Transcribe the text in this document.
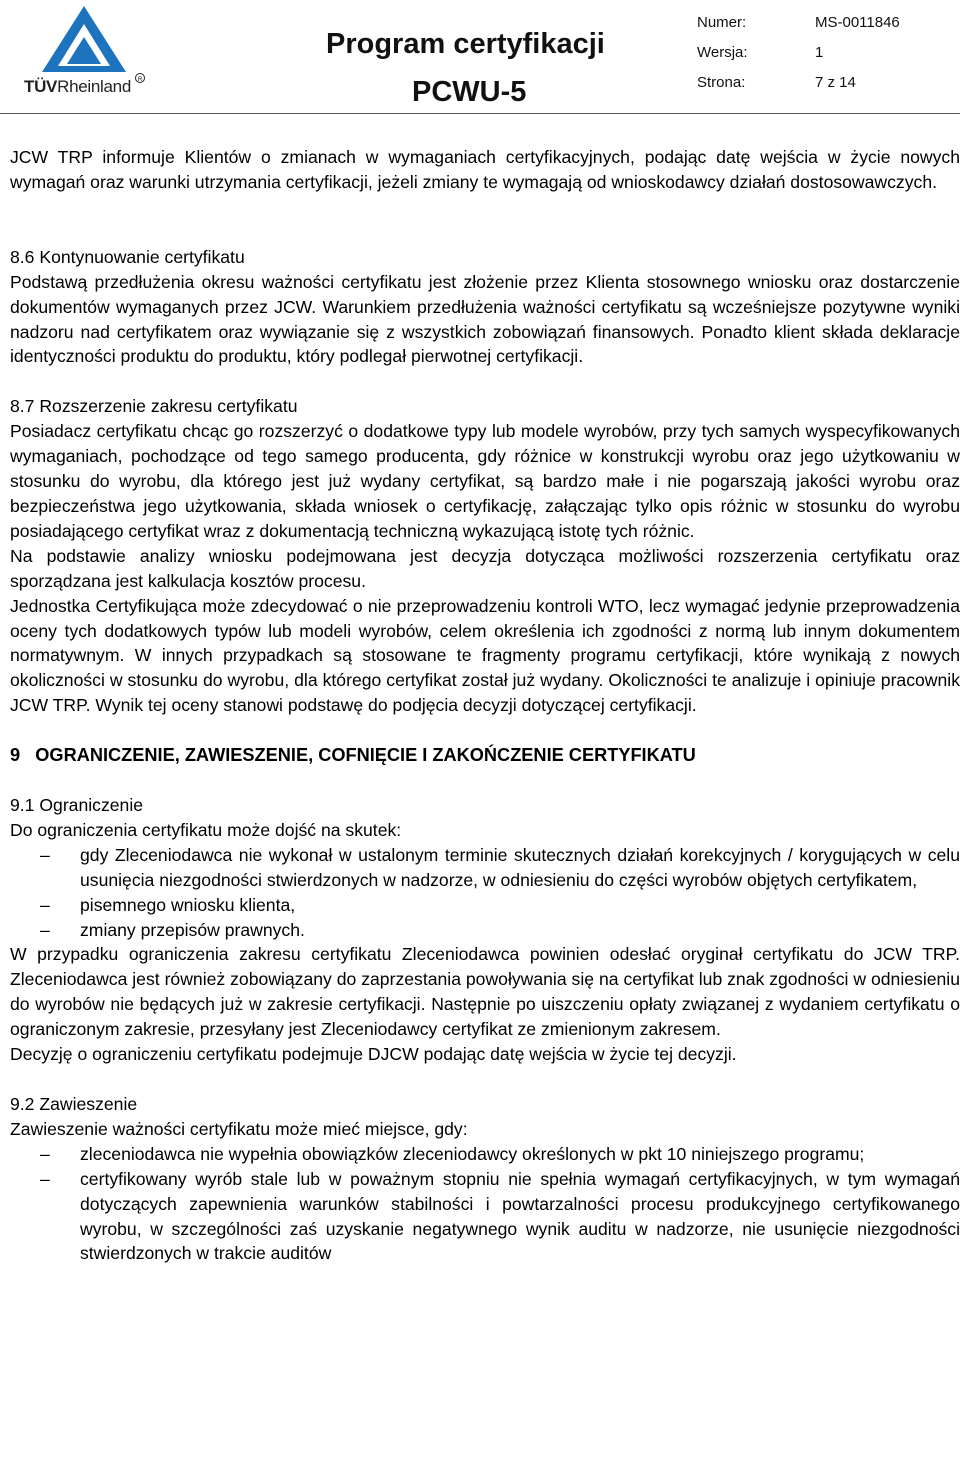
R
TÜVRheinland
Program certyfikacji
PCWU-5
Numer:	MS-0011846
Wersja:	1
Strona:	7 z 14

JCW TRP informuje Klientów o zmianach w wymaganiach certyfikacyjnych, podając datę wejścia w życie nowych wymagań oraz warunki utrzymania certyfikacji, jeżeli zmiany te wymagają od wnioskodawcy działań dostosowawczych.

8.6 Kontynuowanie certyfikatu

Podstawą przedłużenia okresu ważności certyfikatu jest złożenie przez Klienta stosownego wniosku oraz dostarczenie dokumentów wymaganych przez JCW. Warunkiem przedłużenia ważności certyfikatu są wcześniejsze pozytywne wyniki nadzoru nad certyfikatem oraz wywiązanie się z wszystkich zobowiązań finansowych. Ponadto klient składa deklaracje identyczności produktu do produktu, który podlegał pierwotnej certyfikacji.

8.7 Rozszerzenie zakresu certyfikatu

Posiadacz certyfikatu chcąc go rozszerzyć o dodatkowe typy lub modele wyrobów, przy tych samych wyspecyfikowanych wymaganiach, pochodzące od tego samego producenta, gdy różnice w konstrukcji wyrobu oraz jego użytkowaniu w stosunku do wyrobu, dla którego jest już wydany certyfikat, są bardzo małe i nie pogarszają jakości wyrobu oraz bezpieczeństwa jego użytkowania, składa wniosek o certyfikację, załączając tylko opis różnic w stosunku do wyrobu posiadającego certyfikat wraz z dokumentacją techniczną wykazującą istotę tych różnic.

Na podstawie analizy wniosku podejmowana jest decyzja dotycząca możliwości rozszerzenia certyfikatu oraz sporządzana jest kalkulacja kosztów procesu.

Jednostka Certyfikująca może zdecydować o nie przeprowadzeniu kontroli WTO, lecz wymagać jedynie przeprowadzenia oceny tych dodatkowych typów lub modeli wyrobów, celem określenia ich zgodności z normą lub innym dokumentem normatywnym. W innych przypadkach są stosowane te fragmenty programu certyfikacji, które wynikają z nowych okoliczności w stosunku do wyrobu, dla którego certyfikat został już wydany. Okoliczności te analizuje i opiniuje pracownik JCW TRP. Wynik tej oceny stanowi podstawę do podjęcia decyzji dotyczącej certyfikacji.

9   OGRANICZENIE, ZAWIESZENIE, COFNIĘCIE I ZAKOŃCZENIE CERTYFIKATU

9.1 Ograniczenie

Do ograniczenia certyfikatu może dojść na skutek:

– gdy Zleceniodawca nie wykonał w ustalonym terminie skutecznych działań korekcyjnych / korygujących w celu usunięcia niezgodności stwierdzonych w nadzorze, w odniesieniu do części wyrobów objętych certyfikatem,
– pisemnego wniosku klienta,
– zmiany przepisów prawnych.

W przypadku ograniczenia zakresu certyfikatu Zleceniodawca powinien odesłać oryginał certyfikatu do JCW TRP. Zleceniodawca jest również zobowiązany do zaprzestania powoływania się na certyfikat lub znak zgodności w odniesieniu do wyrobów nie będących już w zakresie certyfikacji. Następnie po uiszczeniu opłaty związanej z wydaniem certyfikatu o ograniczonym zakresie, przesyłany jest Zleceniodawcy certyfikat ze zmienionym zakresem.

Decyzję o ograniczeniu certyfikatu podejmuje DJCW podając datę wejścia w życie tej decyzji.

9.2 Zawieszenie

Zawieszenie ważności certyfikatu może mieć miejsce, gdy:

– zleceniodawca nie wypełnia obowiązków zleceniodawcy określonych w pkt 10 niniejszego programu;
– certyfikowany wyrób stale lub w poważnym stopniu nie spełnia wymagań certyfikacyjnych, w tym wymagań dotyczących zapewnienia warunków stabilności i powtarzalności procesu produkcyjnego certyfikowanego wyrobu, w szczególności zaś uzyskanie negatywnego wynik auditu w nadzorze, nie usunięcie niezgodności stwierdzonych w trakcie auditów
